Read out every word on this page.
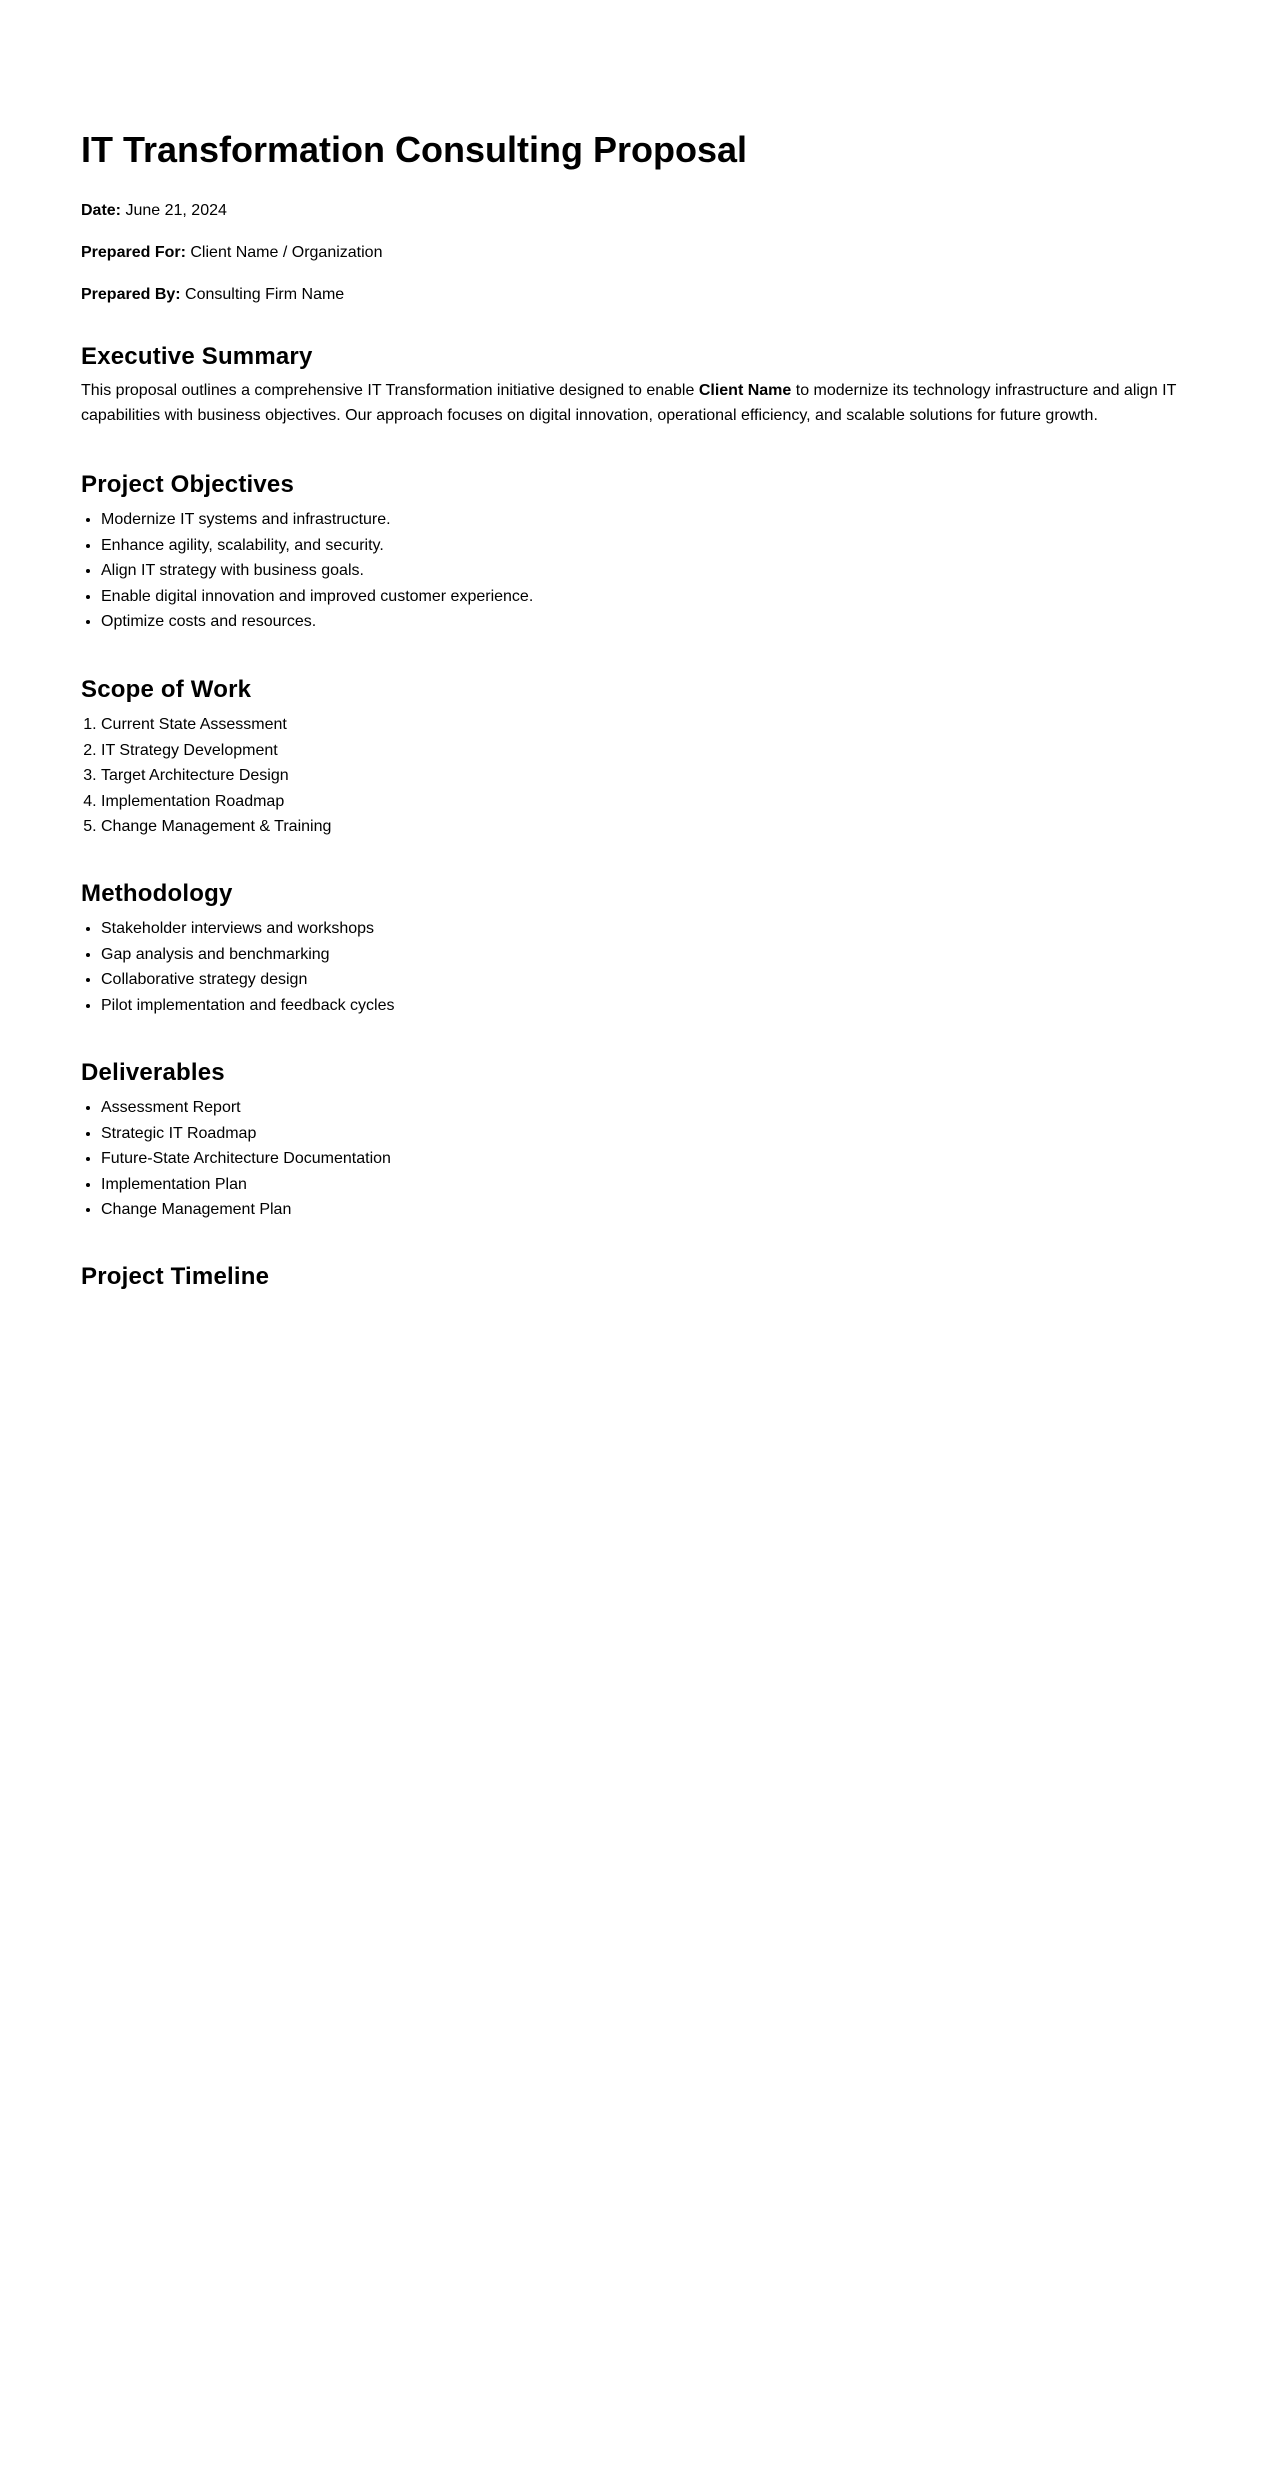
IT Transformation Consulting Proposal

Date: June 21, 2024

Prepared For: Client Name / Organization

Prepared By: Consulting Firm Name

Executive Summary

This proposal outlines a comprehensive IT Transformation initiative designed to enable Client Name to modernize its technology infrastructure and align IT capabilities with business objectives. Our approach focuses on digital innovation, operational efficiency, and scalable solutions for future growth.

Project Objectives
• Modernize IT systems and infrastructure.
• Enhance agility, scalability, and security.
• Align IT strategy with business goals.
• Enable digital innovation and improved customer experience.
• Optimize costs and resources.
Scope of Work
1. Current State Assessment
2. IT Strategy Development
3. Target Architecture Design
4. Implementation Roadmap
5. Change Management & Training
Methodology
• Stakeholder interviews and workshops
• Gap analysis and benchmarking
• Collaborative strategy design
• Pilot implementation and feedback cycles
Deliverables
• Assessment Report
• Strategic IT Roadmap
• Future-State Architecture Documentation
• Implementation Plan
• Change Management Plan
Project Timeline
